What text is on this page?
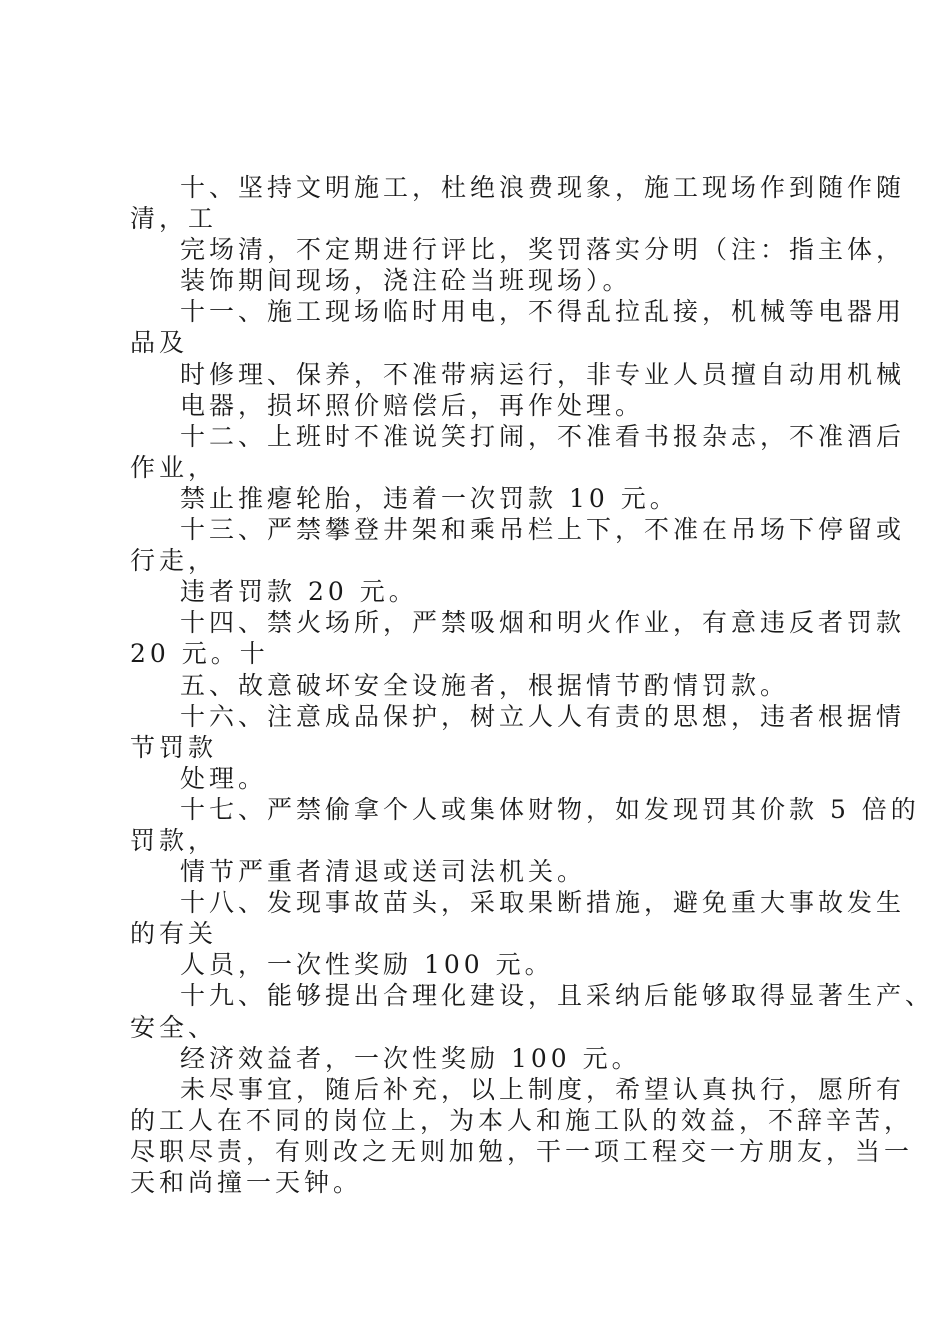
十、坚持文明施工，杜绝浪费现象，施工现场作到随作随
清，工
完场清，不定期进行评比，奖罚落实分明（注：指主体，
装饰期间现场，浇注砼当班现场）。
十一、施工现场临时用电，不得乱拉乱接，机械等电器用
品及
时修理、保养，不准带病运行，非专业人员擅自动用机械
电器，损坏照价赔偿后，再作处理。
十二、上班时不准说笑打闹，不准看书报杂志，不准酒后
作业，
禁止推瘪轮胎，违着一次罚款 10 元。
十三、严禁攀登井架和乘吊栏上下，不准在吊场下停留或
行走，
违者罚款 20 元。
十四、禁火场所，严禁吸烟和明火作业，有意违反者罚款
20 元。十
五、故意破坏安全设施者，根据情节酌情罚款。
十六、注意成品保护，树立人人有责的思想，违者根据情
节罚款
处理。
十七、严禁偷拿个人或集体财物，如发现罚其价款 5 倍的
罚款，
情节严重者清退或送司法机关。
十八、发现事故苗头，采取果断措施，避免重大事故发生
的有关
人员，一次性奖励 100 元。
十九、能够提出合理化建设，且采纳后能够取得显著生产、
安全、
经济效益者，一次性奖励 100 元。
未尽事宜，随后补充，以上制度，希望认真执行，愿所有
的工人在不同的岗位上，为本人和施工队的效益，不辞辛苦，
尽职尽责，有则改之无则加勉，干一项工程交一方朋友，当一
天和尚撞一天钟。
